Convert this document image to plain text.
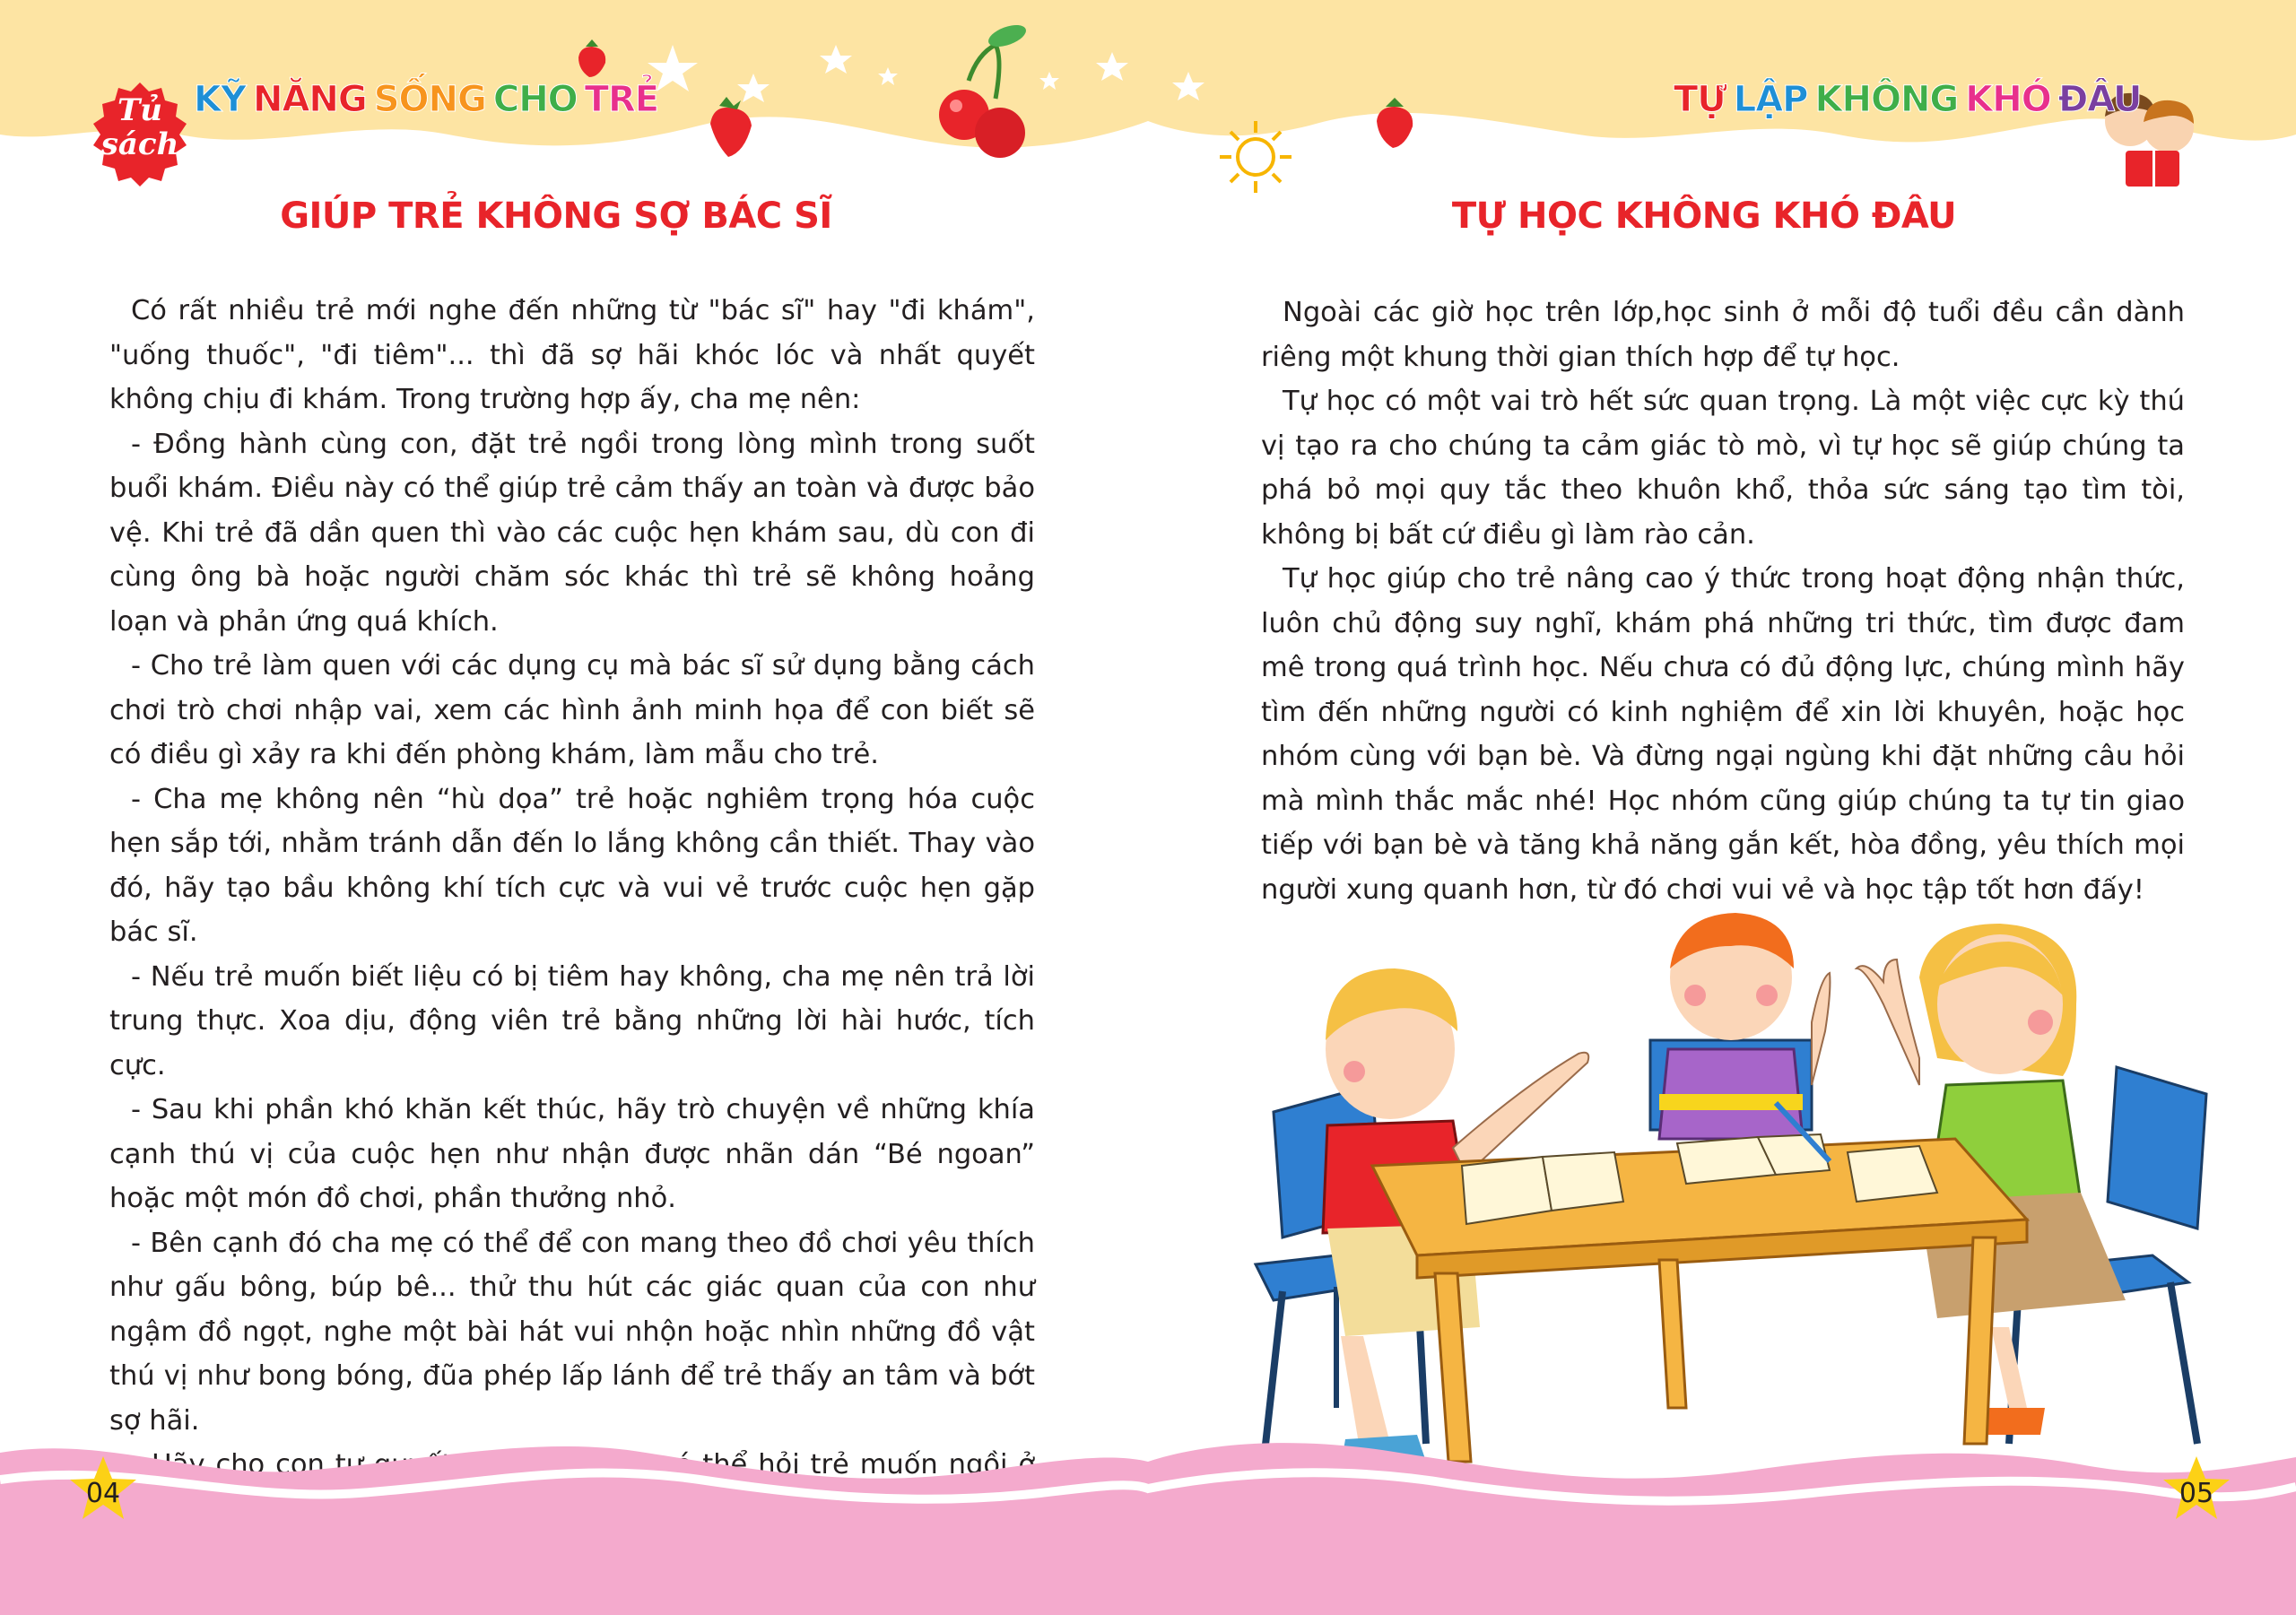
Tủ
sách
KỸ NĂNG SỐNG CHO TRẺ	TỰ LẬP KHÔNG KHÓ ĐÂU
GIÚP TRẺ KHÔNG SỢ BÁC SĨ	TỰ HỌC KHÔNG KHÓ ĐÂU

Có rất nhiều trẻ mới nghe đến những từ "bác sĩ" hay "đi khám", "uống thuốc", "đi tiêm"... thì đã sợ hãi khóc lóc và nhất quyết không chịu đi khám. Trong trường hợp ấy, cha mẹ nên:

- Đồng hành cùng con, đặt trẻ ngồi trong lòng mình trong suốt buổi khám. Điều này có thể giúp trẻ cảm thấy an toàn và được bảo vệ. Khi trẻ đã dần quen thì vào các cuộc hẹn khám sau, dù con đi cùng ông bà hoặc người chăm sóc khác thì trẻ sẽ không hoảng loạn và phản ứng quá khích.

- Cho trẻ làm quen với các dụng cụ mà bác sĩ sử dụng bằng cách chơi trò chơi nhập vai, xem các hình ảnh minh họa để con biết sẽ có điều gì xảy ra khi đến phòng khám, làm mẫu cho trẻ.

- Cha mẹ không nên “hù dọa” trẻ hoặc nghiêm trọng hóa cuộc hẹn sắp tới, nhằm tránh dẫn đến lo lắng không cần thiết. Thay vào đó, hãy tạo bầu không khí tích cực và vui vẻ trước cuộc hẹn gặp bác sĩ.

- Nếu trẻ muốn biết liệu có bị tiêm hay không, cha mẹ nên trả lời trung thực. Xoa dịu, động viên trẻ bằng những lời hài hước, tích cực.

- Sau khi phần khó khăn kết thúc, hãy trò chuyện về những khía cạnh thú vị của cuộc hẹn như nhận được nhãn dán “Bé ngoan” hoặc một món đồ chơi, phần thưởng nhỏ.

- Bên cạnh đó cha mẹ có thể để con mang theo đồ chơi yêu thích như gấu bông, búp bê... thử thu hút các giác quan của con như ngậm đồ ngọt, nghe một bài hát vui nhộn hoặc nhìn những đồ vật thú vị như bong bóng, đũa phép lấp lánh để trẻ thấy an tâm và bớt sợ hãi.

Ngoài các giờ học trên lớp,học sinh ở mỗi độ tuổi đều cần dành riêng một khung thời gian thích hợp để tự học.

Tự học có một vai trò hết sức quan trọng. Là một việc cực kỳ thú vị tạo ra cho chúng ta cảm giác tò mò, vì tự học sẽ giúp chúng ta phá bỏ mọi quy tắc theo khuôn khổ, thỏa sức sáng tạo tìm tòi, không bị bất cứ điều gì làm rào cản.

Tự học giúp cho trẻ nâng cao ý thức trong hoạt động nhận thức, luôn chủ động suy nghĩ, khám phá những tri thức, tìm được đam mê trong quá trình học. Nếu chưa có đủ động lực, chúng mình hãy tìm đến những người có kinh nghiệm để xin lời khuyên, hoặc học nhóm cùng với bạn bè. Và đừng ngại ngùng khi đặt những câu hỏi mà mình thắc mắc nhé! Học nhóm cũng giúp chúng ta tự tin giao tiếp với bạn bè và tăng khả năng gắn kết, hòa đồng, yêu thích mọi người xung quanh hơn, từ đó chơi vui vẻ và học tập tốt hơn đấy!

04	05
